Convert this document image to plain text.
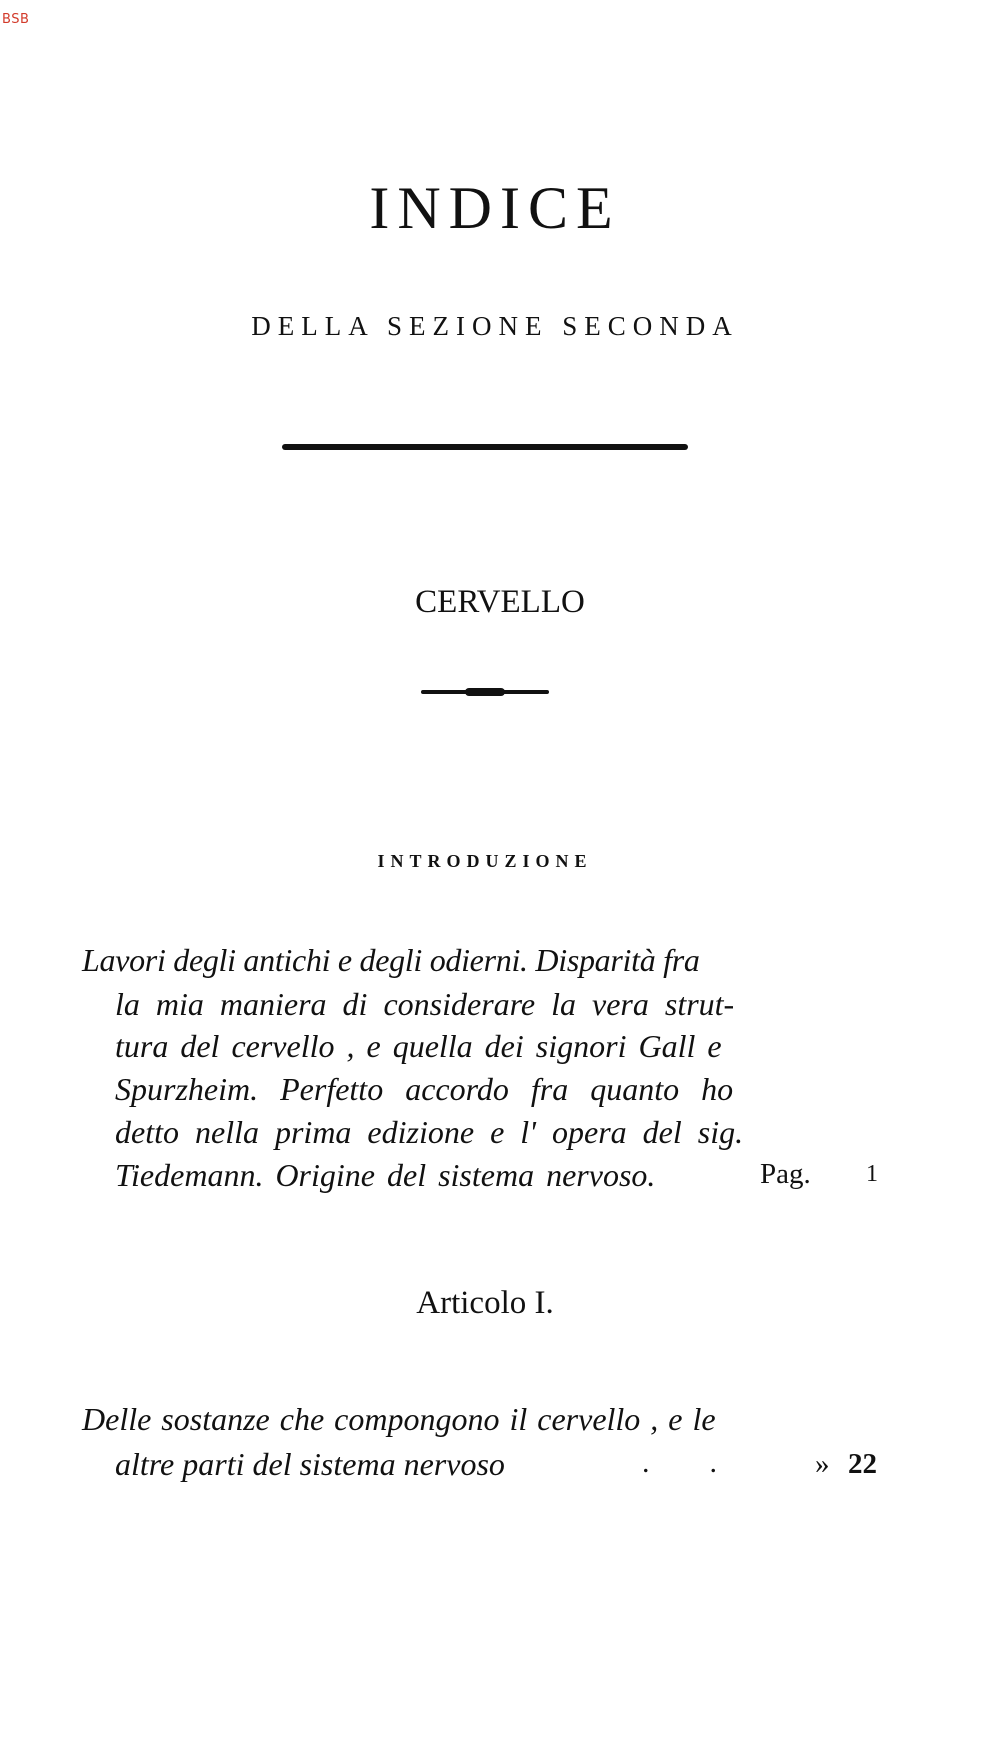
BSB
INDICE
DELLA SEZIONE SECONDA
CERVELLO
INTRODUZIONE
Lavori degli antichi e degli odierni. Disparità fra
la mia maniera di considerare la vera strut-
tura del cervello , e quella dei signori Gall e
Spurzheim. Perfetto accordo fra quanto ho
detto nella prima edizione e l' opera del sig.
Tiedemann. Origine del sistema nervoso.	Pag. 1
Articolo I.
Delle sostanze che compongono il cervello , e le
altre parti del sistema nervoso	.        .	» 22
